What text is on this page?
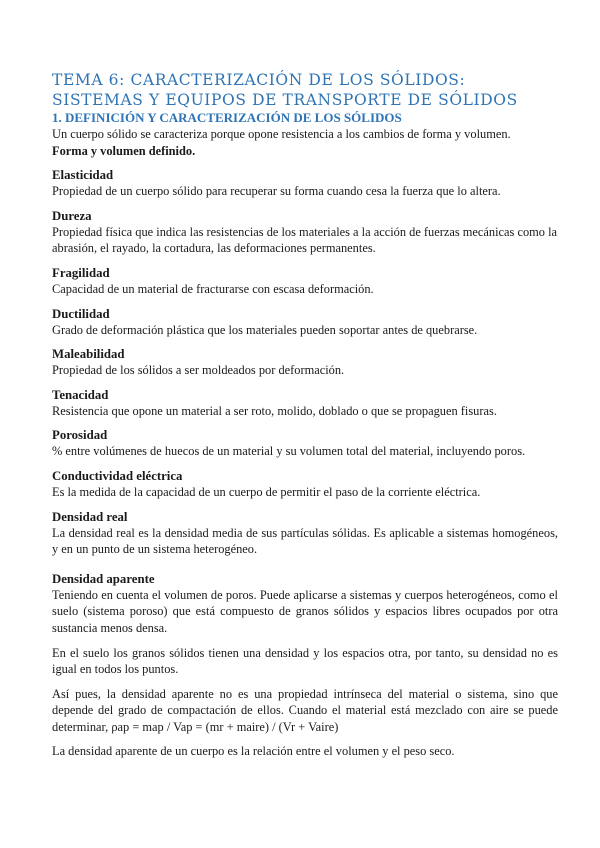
TEMA 6: CARACTERIZACIÓN DE LOS SÓLIDOS:
SISTEMAS Y EQUIPOS DE TRANSPORTE DE SÓLIDOS
1. DEFINICIÓN Y CARACTERIZACIÓN DE LOS SÓLIDOS

Un cuerpo sólido se caracteriza porque opone resistencia a los cambios de forma y volumen.

Forma y volumen definido.

Elasticidad

Propiedad de un cuerpo sólido para recuperar su forma cuando cesa la fuerza que lo altera.

Dureza

Propiedad física que indica las resistencias de los materiales a la acción de fuerzas mecánicas como la abrasión, el rayado, la cortadura, las deformaciones permanentes.

Fragilidad

Capacidad de un material de fracturarse con escasa deformación.

Ductilidad

Grado de deformación plástica que los materiales pueden soportar antes de quebrarse.

Maleabilidad

Propiedad de los sólidos a ser moldeados por deformación.

Tenacidad

Resistencia que opone un material a ser roto, molido, doblado o que se propaguen fisuras.

Porosidad

% entre volúmenes de huecos de un material y su volumen total del material, incluyendo poros.

Conductividad eléctrica

Es la medida de la capacidad de un cuerpo de permitir el paso de la corriente eléctrica.

Densidad real

La densidad real es la densidad media de sus partículas sólidas. Es aplicable a sistemas homogéneos, y en un punto de un sistema heterogéneo.

Densidad aparente

Teniendo en cuenta el volumen de poros. Puede aplicarse a sistemas y cuerpos heterogéneos, como el suelo (sistema poroso) que está compuesto de granos sólidos y espacios libres ocupados por otra sustancia menos densa.

En el suelo los granos sólidos tienen una densidad y los espacios otra, por tanto, su densidad no es igual en todos los puntos.

Así pues, la densidad aparente no es una propiedad intrínseca del material o sistema, sino que depende del grado de compactación de ellos. Cuando el material está mezclado con aire se puede determinar, ρap = map / Vap = (mr + maire) / (Vr + Vaire)

La densidad aparente de un cuerpo es la relación entre el volumen y el peso seco.
